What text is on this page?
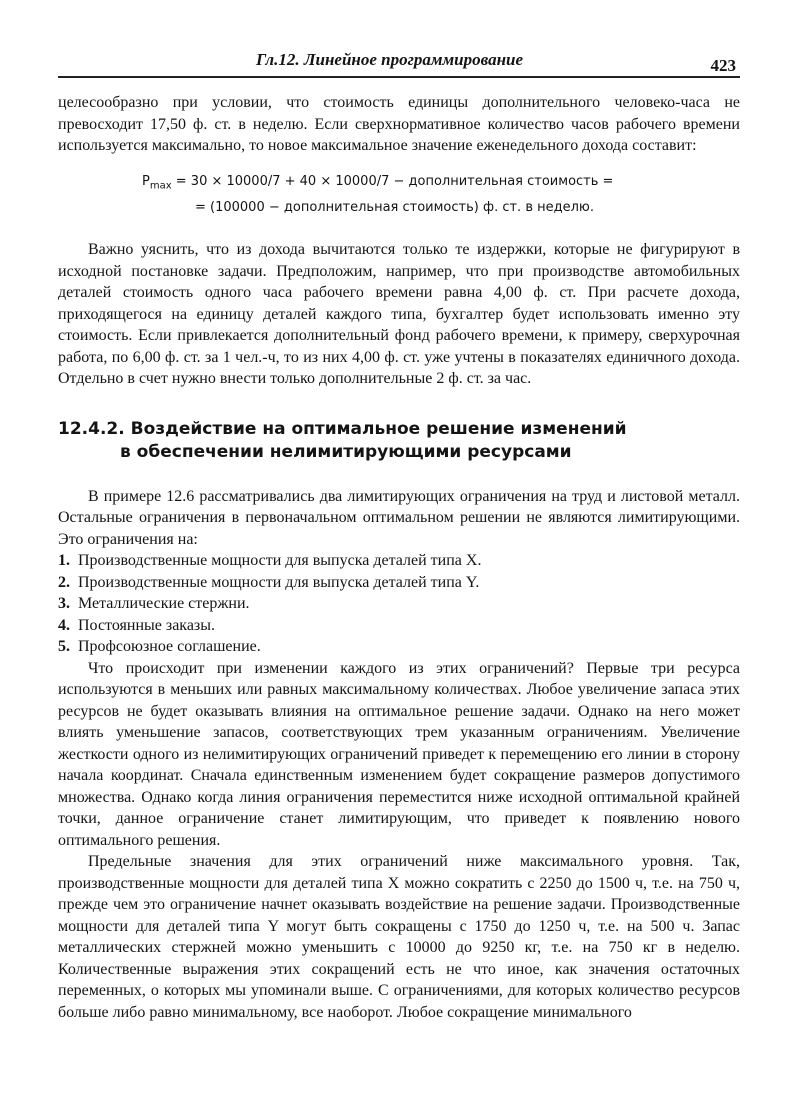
Гл.12. Линейное программирование	423

целесообразно при условии, что стоимость единицы дополнительного человеко-часа не превосходит 17,50 ф. ст. в неделю. Если сверхнормативное количество часов рабочего времени используется максимально, то новое максимальное значение еженедельного дохода составит:

$P_{max} = 30 \times 10000/7 + 40 \times 10000/7$ − дополнительная стоимость =
= (100000 − дополнительная стоимость) ф. ст. в неделю.

Важно уяснить, что из дохода вычитаются только те издержки, которые не фигурируют в исходной постановке задачи. Предположим, например, что при производстве автомобильных деталей стоимость одного часа рабочего времени равна 4,00 ф. ст. При расчете дохода, приходящегося на единицу деталей каждого типа, бухгалтер будет использовать именно эту стоимость. Если привлекается дополнительный фонд рабочего времени, к примеру, сверхурочная работа, по 6,00 ф. ст. за 1 чел.-ч, то из них 4,00 ф. ст. уже учтены в показателях единичного дохода. Отдельно в счет нужно внести только дополнительные 2 ф. ст. за час.

12.4.2. Воздействие на оптимальное решение изменений
в обеспечении нелимитирующими ресурсами

В примере 12.6 рассматривались два лимитирующих ограничения на труд и листовой металл. Остальные ограничения в первоначальном оптимальном решении не являются лимитирующими. Это ограничения на:

1. Производственные мощности для выпуска деталей типа X.
2. Производственные мощности для выпуска деталей типа Y.
3. Металлические стержни.
4. Постоянные заказы.
5. Профсоюзное соглашение.

Что происходит при изменении каждого из этих ограничений? Первые три ресурса используются в меньших или равных максимальному количествах. Любое увеличение запаса этих ресурсов не будет оказывать влияния на оптимальное решение задачи. Однако на него может влиять уменьшение запасов, соответствующих трем указанным ограничениям. Увеличение жесткости одного из нелимитирующих ограничений приведет к перемещению его линии в сторону начала координат. Сначала единственным изменением будет сокращение размеров допустимого множества. Однако когда линия ограничения переместится ниже исходной оптимальной крайней точки, данное ограничение станет лимитирующим, что приведет к появлению нового оптимального решения.

Предельные значения для этих ограничений ниже максимального уровня. Так, производственные мощности для деталей типа X можно сократить с 2250 до 1500 ч, т.е. на 750 ч, прежде чем это ограничение начнет оказывать воздействие на решение задачи. Производственные мощности для деталей типа Y могут быть сокращены с 1750 до 1250 ч, т.е. на 500 ч. Запас металлических стержней можно уменьшить с 10000 до 9250 кг, т.е. на 750 кг в неделю. Количественные выражения этих сокращений есть не что иное, как значения остаточных переменных, о которых мы упоминали выше. С ограничениями, для которых количество ресурсов больше либо равно минимальному, все наоборот. Любое сокращение минимального
